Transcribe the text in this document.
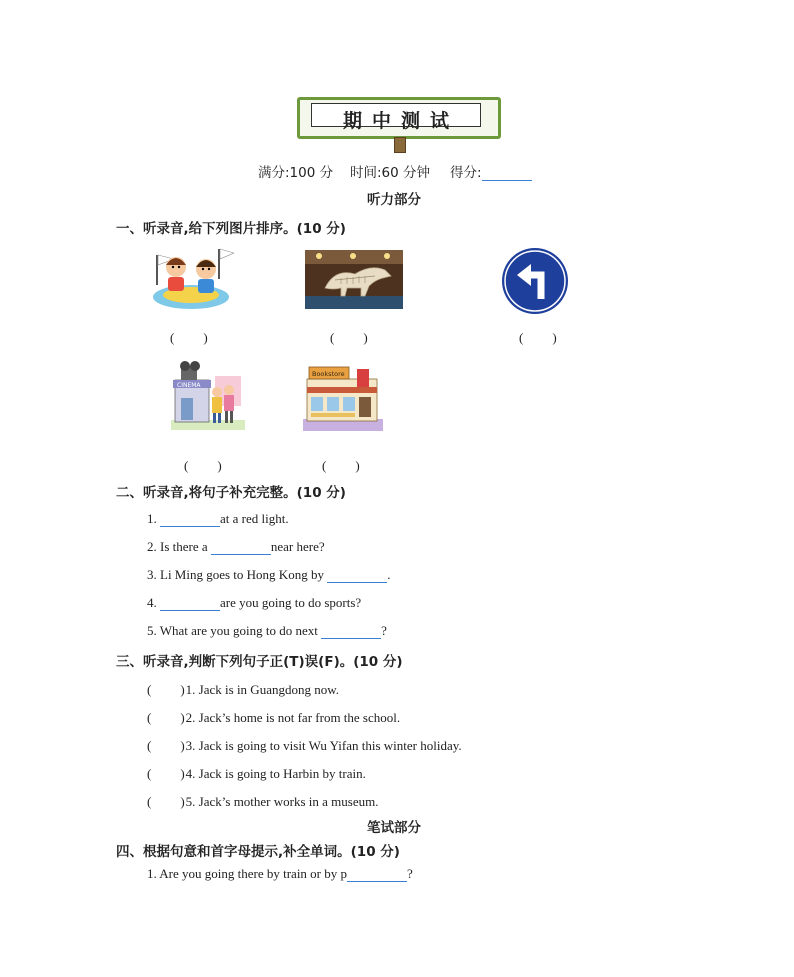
期中测试
满分:100 分 时间:60 分钟 得分:
听力部分
一、听录音,给下列图片排序。(10 分)
(　　)	(　　)	(　　)
CINEMA
Bookstore
(　　)	(　　)
二、听录音,将句子补充完整。(10 分)
1.	at a red light.
2. Is there a	near here?
3. Li Ming goes to Hong Kong by	.
4.	are you going to do sports?
5. What are you going to do next	?
三、听录音,判断下列句子正(T)误(F)。(10 分)
(　　)1. Jack is in Guangdong now.
(　　)2. Jack’s home is not far from the school.
(　　)3. Jack is going to visit Wu Yifan this winter holiday.
(　　)4. Jack is going to Harbin by train.
(　　)5. Jack’s mother works in a museum.
笔试部分
四、根据句意和首字母提示,补全单词。(10 分)
1. Are you going there by train or by p	?
